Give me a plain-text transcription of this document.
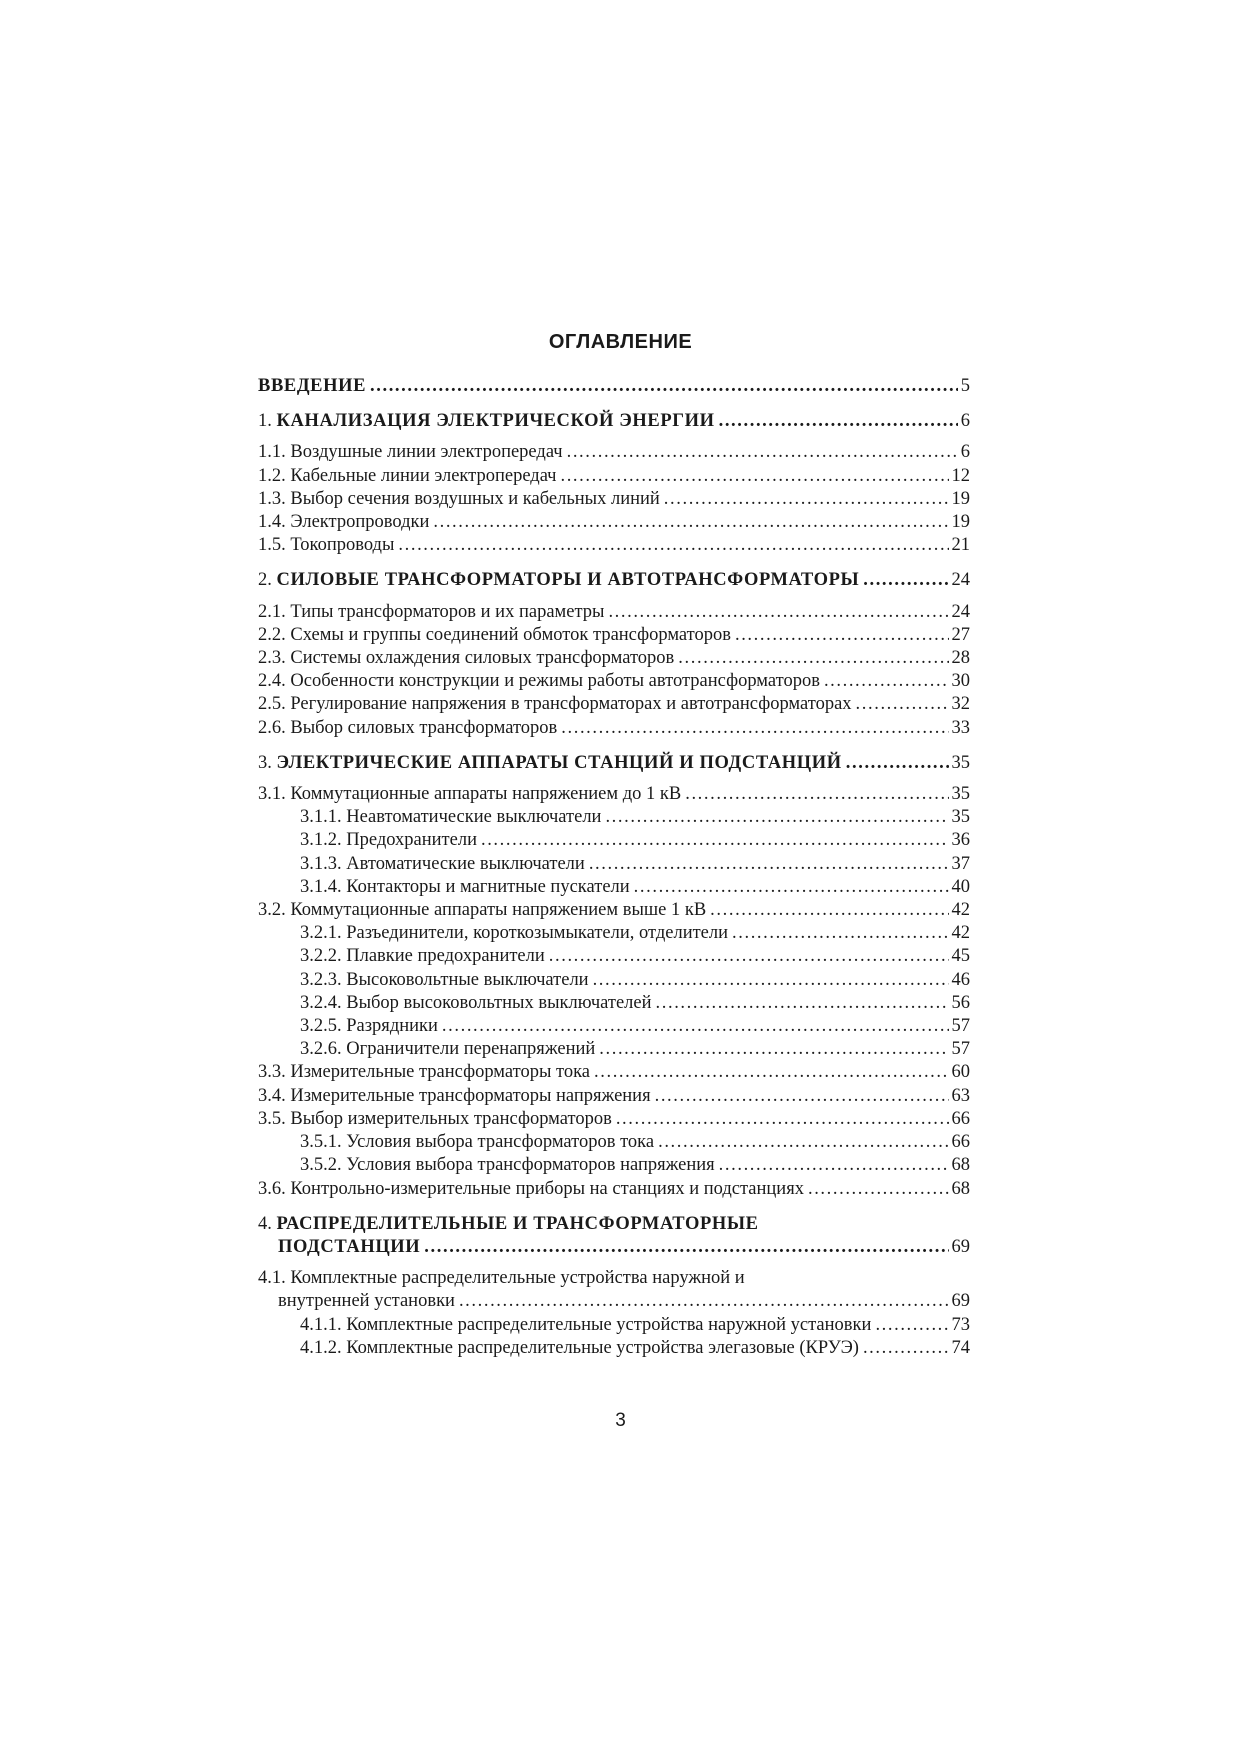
ОГЛАВЛЕНИЕ
ВВЕДЕНИЕ .....	5
1. КАНАЛИЗАЦИЯ ЭЛЕКТРИЧЕСКОЙ ЭНЕРГИИ .....	6
1.1. Воздушные линии электропередач .....	6
1.2. Кабельные линии электропередач .....	12
1.3. Выбор сечения воздушных и кабельных линий .....	19
1.4. Электропроводки .....	19
1.5. Токопроводы .....	21
2. СИЛОВЫЕ ТРАНСФОРМАТОРЫ И АВТОТРАНСФОРМАТОРЫ .....	24
2.1. Типы трансформаторов и их параметры .....	24
2.2. Схемы и группы соединений обмоток трансформаторов .....	27
2.3. Системы охлаждения силовых трансформаторов .....	28
2.4. Особенности конструкции и режимы работы автотрансформаторов .....	30
2.5. Регулирование напряжения в трансформаторах и автотрансформаторах .....	32
2.6. Выбор силовых трансформаторов .....	33
3. ЭЛЕКТРИЧЕСКИЕ АППАРАТЫ СТАНЦИЙ И ПОДСТАНЦИЙ .....	35
3.1. Коммутационные аппараты напряжением до 1 кВ .....	35
3.1.1. Неавтоматические выключатели .....	35
3.1.2. Предохранители .....	36
3.1.3. Автоматические выключатели .....	37
3.1.4. Контакторы и магнитные пускатели .....	40
3.2. Коммутационные аппараты напряжением выше 1 кВ .....	42
3.2.1. Разъединители, короткозымыкатели, отделители .....	42
3.2.2. Плавкие предохранители .....	45
3.2.3. Высоковольтные выключатели .....	46
3.2.4. Выбор высоковольтных выключателей .....	56
3.2.5. Разрядники .....	57
3.2.6. Ограничители перенапряжений .....	57
3.3. Измерительные трансформаторы тока .....	60
3.4. Измерительные трансформаторы напряжения .....	63
3.5. Выбор измерительных трансформаторов .....	66
3.5.1. Условия выбора трансформаторов тока .....	66
3.5.2. Условия выбора трансформаторов напряжения .....	68
3.6. Контрольно-измерительные приборы на станциях и подстанциях .....	68
4. РАСПРЕДЕЛИТЕЛЬНЫЕ И ТРАНСФОРМАТОРНЫЕ
ПОДСТАНЦИИ .....	69
4.1. Комплектные распределительные устройства наружной и
внутренней установки .....	69
4.1.1. Комплектные распределительные устройства наружной установки .....	73
4.1.2. Комплектные распределительные устройства элегазовые (КРУЭ) .....	74
3
